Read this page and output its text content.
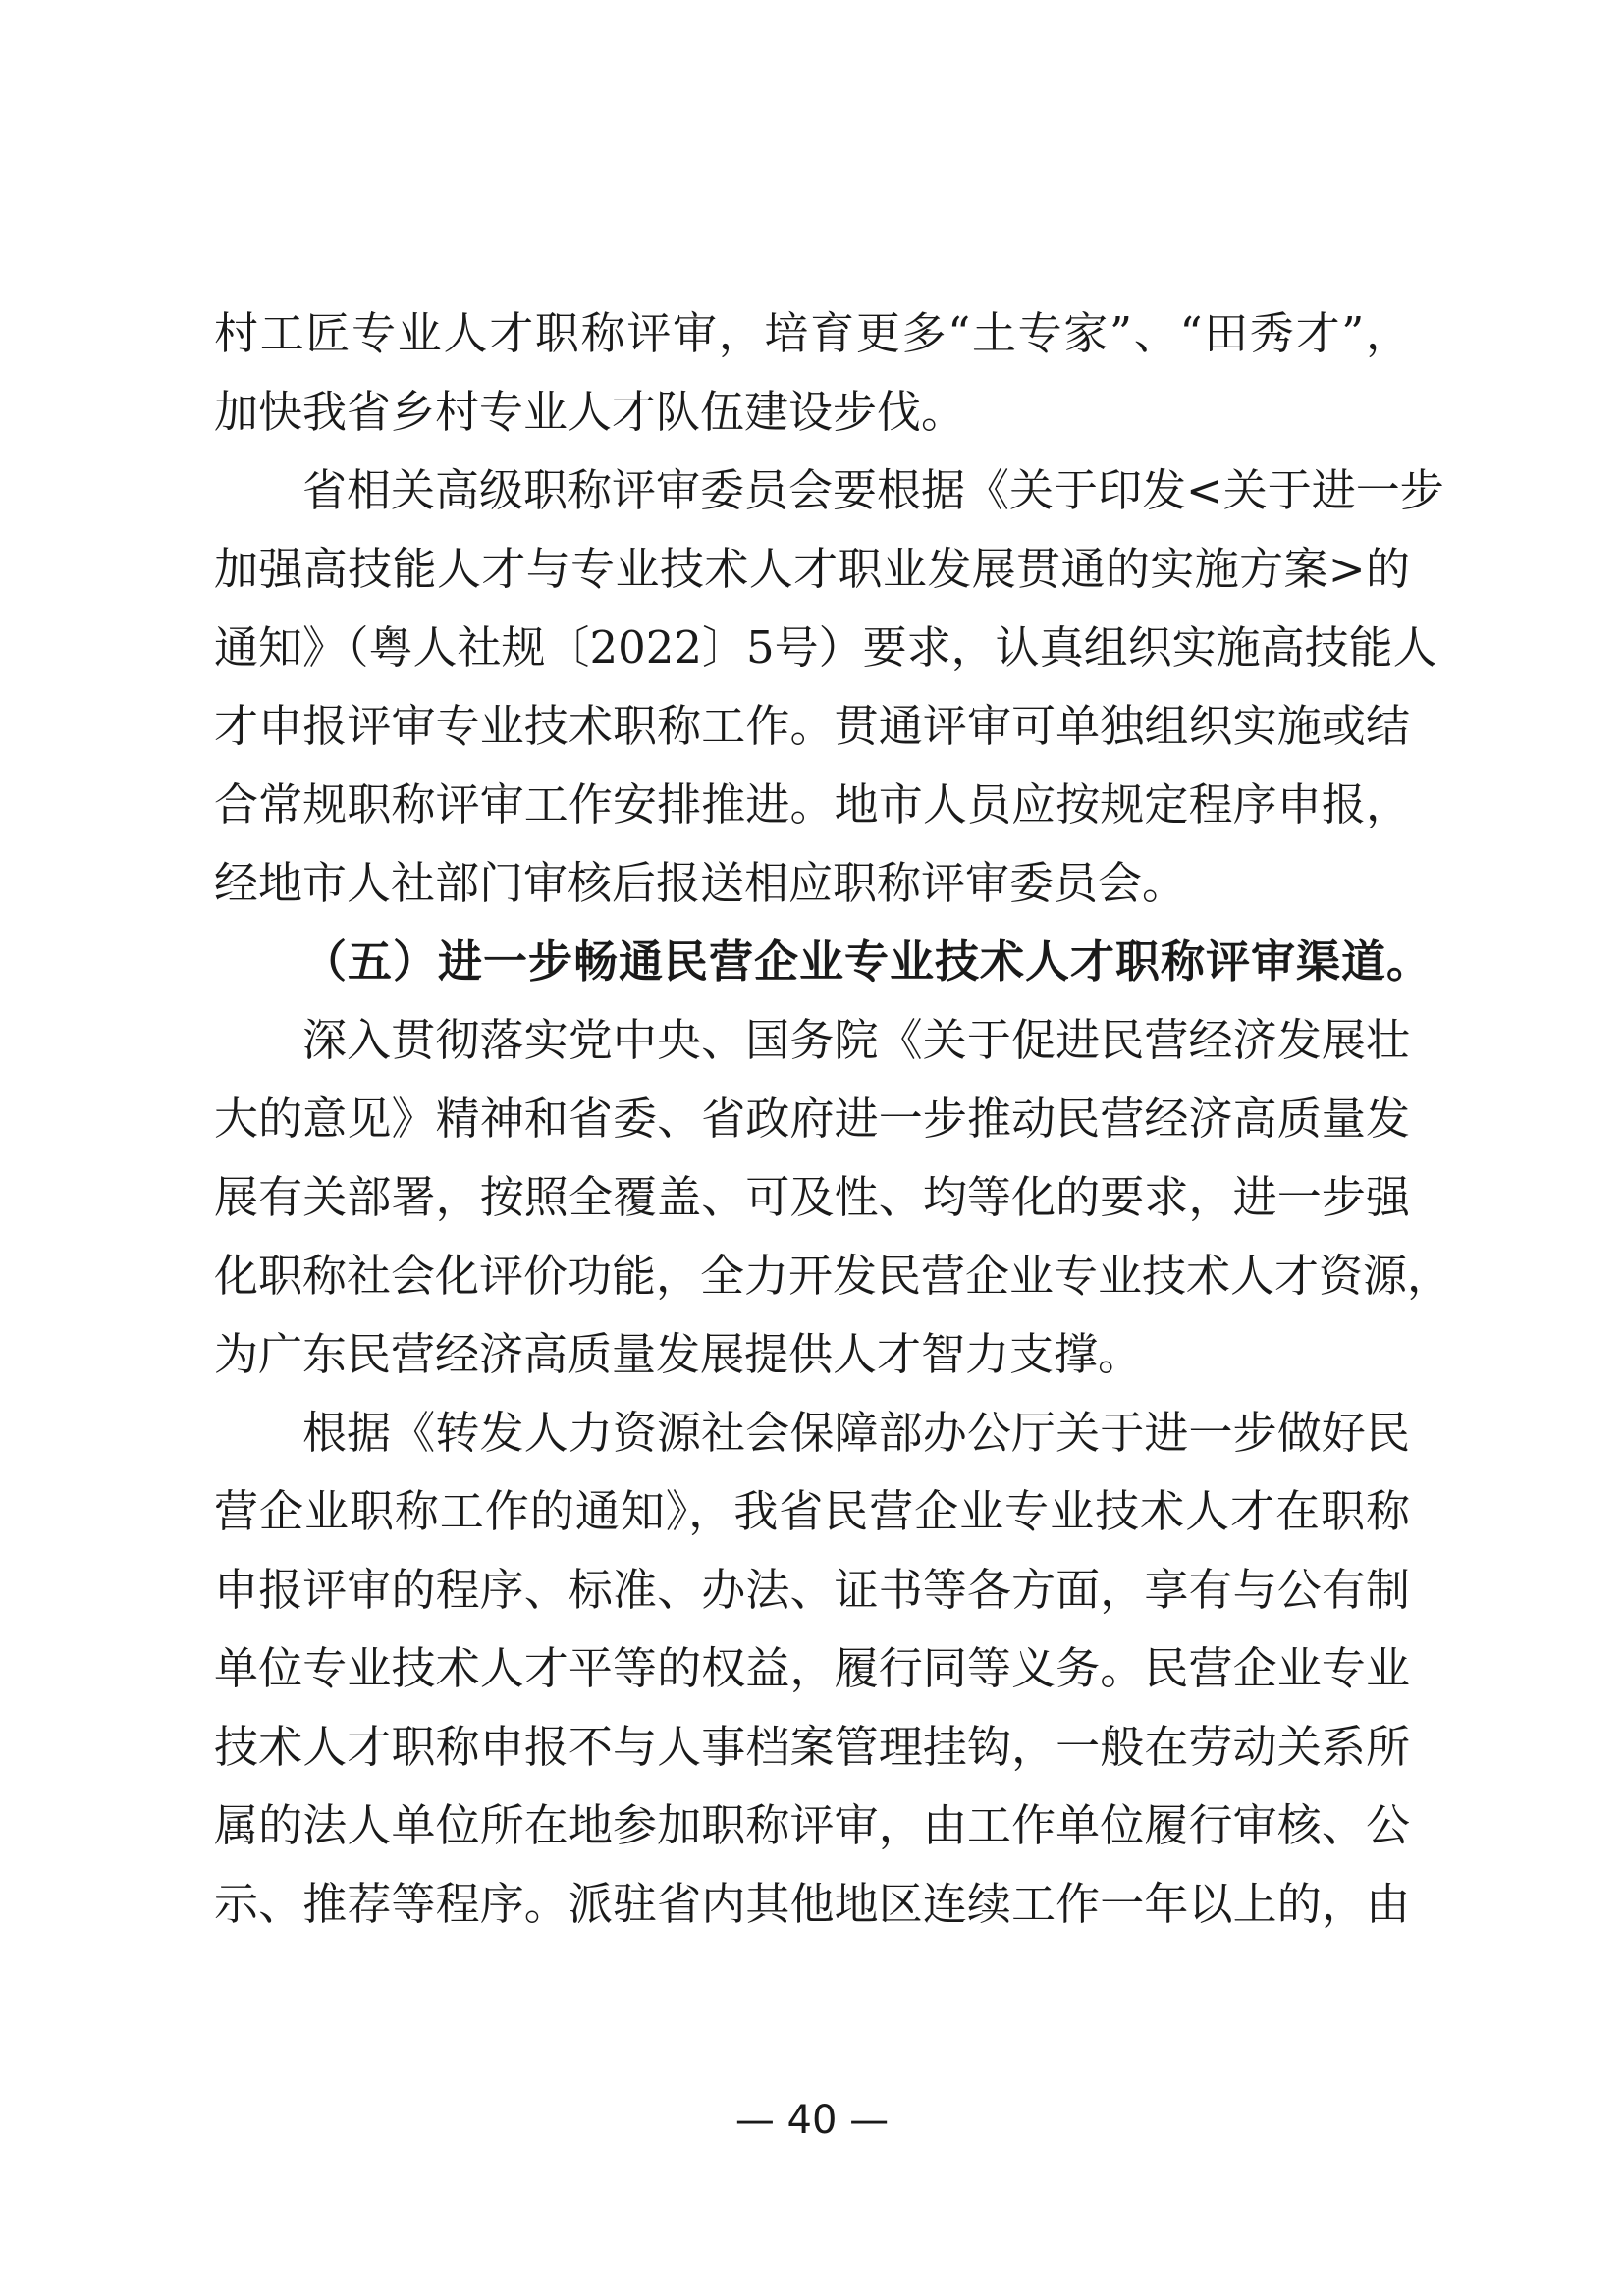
村工匠专业人才职称评审，培育更多“土专家”、“田秀才”，
加快我省乡村专业人才队伍建设步伐。
省相关高级职称评审委员会要根据《关于印发<关于进一步
加强高技能人才与专业技术人才职业发展贯通的实施方案>的
通知》（粤人社规〔2022〕5号）要求，认真组织实施高技能人
才申报评审专业技术职称工作。贯通评审可单独组织实施或结
合常规职称评审工作安排推进。地市人员应按规定程序申报，
经地市人社部门审核后报送相应职称评审委员会。
（五）进一步畅通民营企业专业技术人才职称评审渠道。
深入贯彻落实党中央、国务院《关于促进民营经济发展壮
大的意见》精神和省委、省政府进一步推动民营经济高质量发
展有关部署，按照全覆盖、可及性、均等化的要求，进一步强
化职称社会化评价功能，全力开发民营企业专业技术人才资源，
为广东民营经济高质量发展提供人才智力支撑。
根据《转发人力资源社会保障部办公厅关于进一步做好民
营企业职称工作的通知》，我省民营企业专业技术人才在职称
申报评审的程序、标准、办法、证书等各方面，享有与公有制
单位专业技术人才平等的权益，履行同等义务。民营企业专业
技术人才职称申报不与人事档案管理挂钩，一般在劳动关系所
属的法人单位所在地参加职称评审，由工作单位履行审核、公
示、推荐等程序。派驻省内其他地区连续工作一年以上的，由
— 40 —
